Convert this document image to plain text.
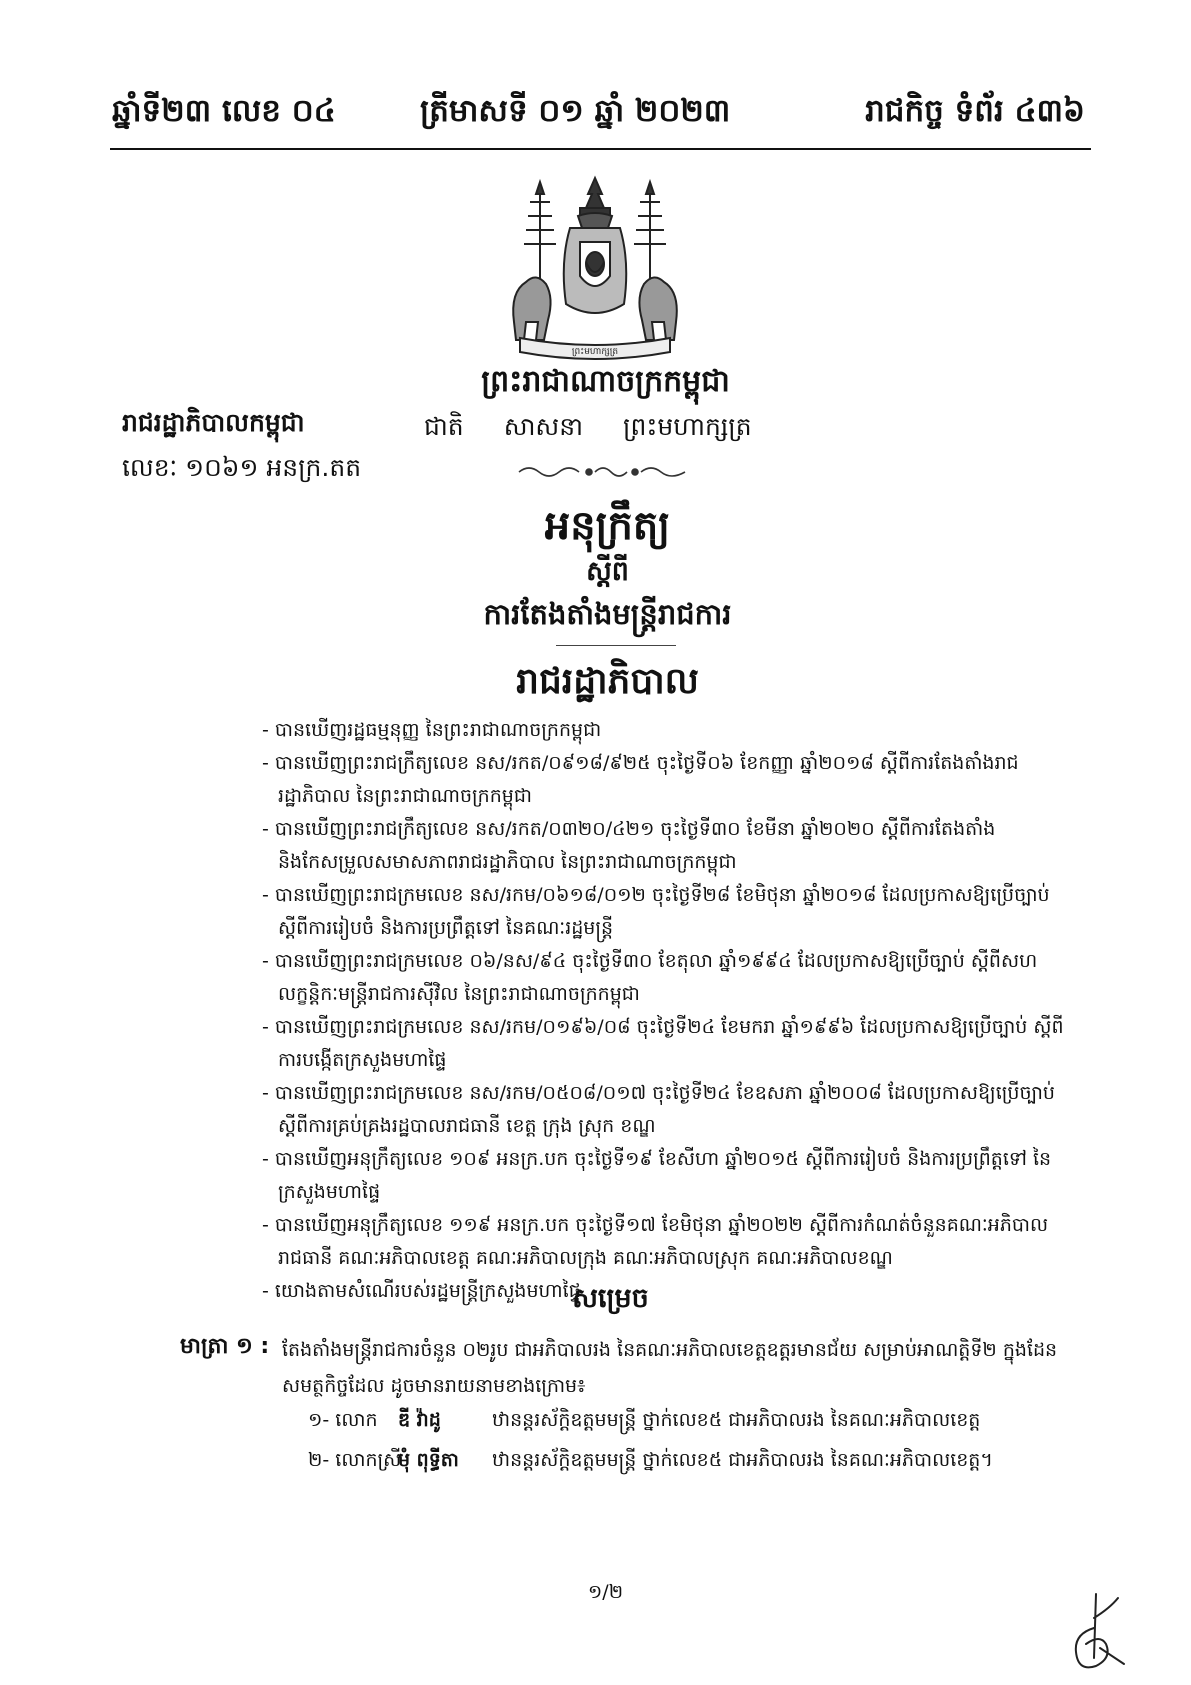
ឆ្នាំទី២៣ លេខ ០៤	ត្រីមាសទី ០១ ឆ្នាំ ២០២៣	រាជកិច្ច ទំព័រ ៤៣៦
ព្រះមហាក្សត្រ
ព្រះរាជាណាចក្រកម្ពុជា
រាជរដ្ឋាភិបាលកម្ពុជា
លេខៈ ១០៦១ អនក្រ.តត
ជាតិ សាសនា ព្រះមហាក្សត្រ
អនុក្រឹត្យ
ស្តីពី
ការតែងតាំងមន្ត្រីរាជការ
រាជរដ្ឋាភិបាល
- បានឃើញរដ្ឋធម្មនុញ្ញ នៃព្រះរាជាណាចក្រកម្ពុជា
- បានឃើញព្រះរាជក្រឹត្យលេខ នស/រកត/០៩១៨/៩២៥ ចុះថ្ងៃទី០៦ ខែកញ្ញា ឆ្នាំ២០១៨ ស្តីពីការតែងតាំងរាជរដ្ឋាភិបាល នៃព្រះរាជាណាចក្រកម្ពុជា
- បានឃើញព្រះរាជក្រឹត្យលេខ នស/រកត/០៣២០/៤២១ ចុះថ្ងៃទី៣០ ខែមីនា ឆ្នាំ២០២០ ស្តីពីការតែងតាំង និងកែសម្រួលសមាសភាពរាជរដ្ឋាភិបាល នៃព្រះរាជាណាចក្រកម្ពុជា
- បានឃើញព្រះរាជក្រមលេខ នស/រកម/០៦១៨/០១២ ចុះថ្ងៃទី២៨ ខែមិថុនា ឆ្នាំ២០១៨ ដែលប្រកាសឱ្យប្រើច្បាប់ ស្តីពីការរៀបចំ និងការប្រព្រឹត្តទៅ នៃគណៈរដ្ឋមន្ត្រី
- បានឃើញព្រះរាជក្រមលេខ ០៦/នស/៩៤ ចុះថ្ងៃទី៣០ ខែតុលា ឆ្នាំ១៩៩៤ ដែលប្រកាសឱ្យប្រើច្បាប់ ស្តីពីសហលក្ខន្តិកៈមន្ត្រីរាជការស៊ីវិល នៃព្រះរាជាណាចក្រកម្ពុជា
- បានឃើញព្រះរាជក្រមលេខ នស/រកម/០១៩៦/០៨ ចុះថ្ងៃទី២៤ ខែមករា ឆ្នាំ១៩៩៦ ដែលប្រកាសឱ្យប្រើច្បាប់ ស្តីពីការបង្កើតក្រសួងមហាផ្ទៃ
- បានឃើញព្រះរាជក្រមលេខ នស/រកម/០៥០៨/០១៧ ចុះថ្ងៃទី២៤ ខែឧសភា ឆ្នាំ២០០៨ ដែលប្រកាសឱ្យប្រើច្បាប់ ស្តីពីការគ្រប់គ្រងរដ្ឋបាលរាជធានី ខេត្ត ក្រុង ស្រុក ខណ្ឌ
- បានឃើញអនុក្រឹត្យលេខ ១០៩ អនក្រ.បក ចុះថ្ងៃទី១៩ ខែសីហា ឆ្នាំ២០១៥ ស្តីពីការរៀបចំ និងការប្រព្រឹត្តទៅ នៃក្រសួងមហាផ្ទៃ
- បានឃើញអនុក្រឹត្យលេខ ១១៩ អនក្រ.បក ចុះថ្ងៃទី១៧ ខែមិថុនា ឆ្នាំ២០២២ ស្តីពីការកំណត់ចំនួនគណៈអភិបាលរាជធានី គណៈអភិបាលខេត្ត គណៈអភិបាលក្រុង គណៈអភិបាលស្រុក គណៈអភិបាលខណ្ឌ
- យោងតាមសំណើរបស់រដ្ឋមន្ត្រីក្រសួងមហាផ្ទៃ
សម្រេច
មាត្រា ១ : តែងតាំងមន្ត្រីរាជការចំនួន ០២រូប ជាអភិបាលរង នៃគណៈអភិបាលខេត្តឧត្តរមានជ័យ សម្រាប់អាណត្តិទី២ ក្នុងដែនសមត្ថកិច្ចដែល ដូចមានរាយនាមខាងក្រោម៖
១- លោក ឌី វ៉ាដូ	ឋានន្តរស័ក្តិឧត្តមមន្ត្រី ថ្នាក់លេខ៥ ជាអភិបាលរង នៃគណៈអភិបាលខេត្ត
២- លោកស្រីមុំ ពុទ្ធីតា ឋានន្តរស័ក្តិឧត្តមមន្ត្រី ថ្នាក់លេខ៥ ជាអភិបាលរង នៃគណៈអភិបាលខេត្ត។
១/២
